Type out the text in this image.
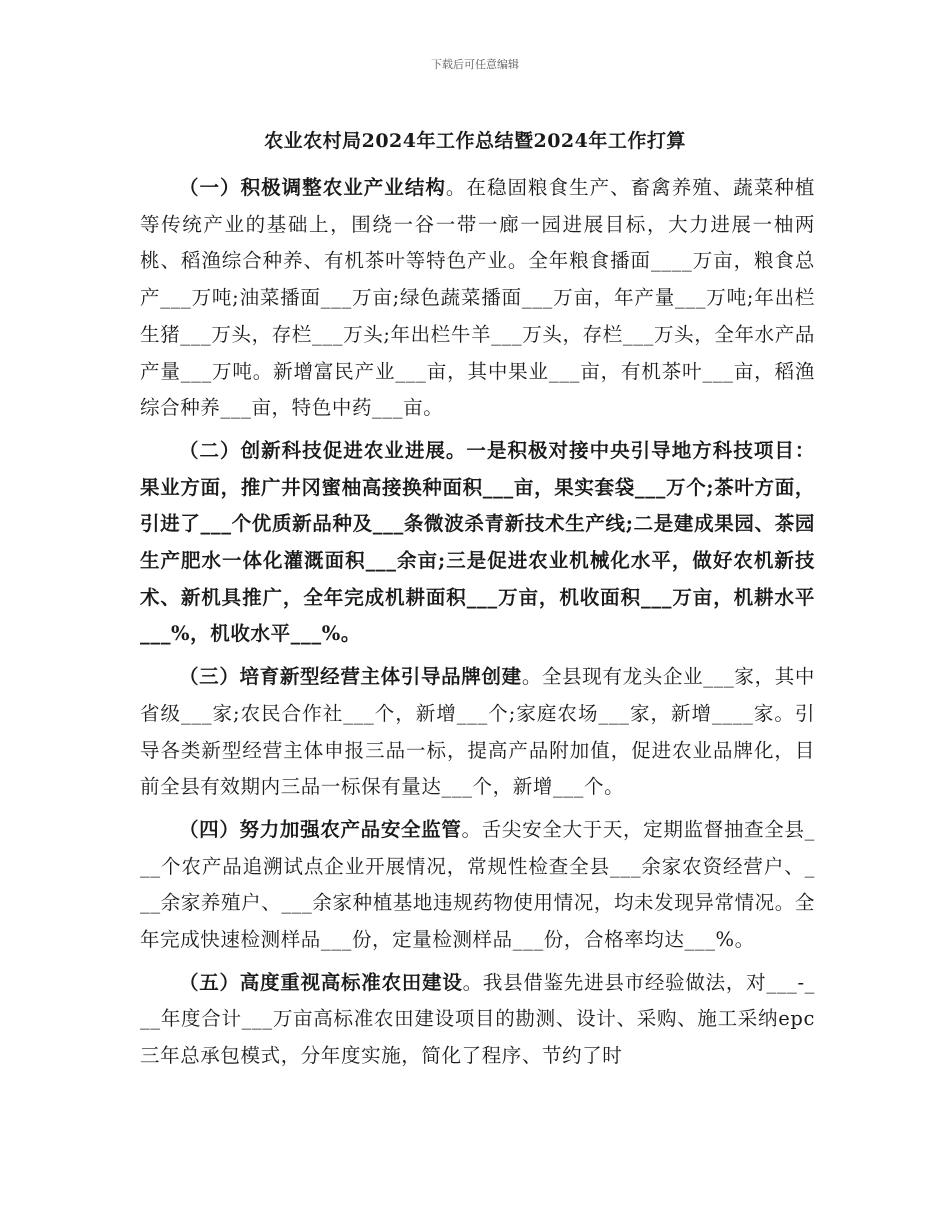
下载后可任意编辑
农业农村局2024年工作总结暨2024年工作打算

（一）积极调整农业产业结构。在稳固粮食生产、畜禽养殖、蔬菜种植等传统产业的基础上，围绕一谷一带一廊一园进展目标，大力进展一柚两桃、稻渔综合种养、有机茶叶等特色产业。全年粮食播面____万亩，粮食总产___万吨;油菜播面___万亩;绿色蔬菜播面___万亩，年产量___万吨;年出栏生猪___万头，存栏___万头;年出栏牛羊___万头，存栏___万头，全年水产品产量___万吨。新增富民产业___亩，其中果业___亩，有机茶叶___亩，稻渔综合种养___亩，特色中药___亩。

（二）创新科技促进农业进展。一是积极对接中央引导地方科技项目：果业方面，推广井冈蜜柚高接换种面积___亩，果实套袋___万个;茶叶方面，引进了___个优质新品种及___条微波杀青新技术生产线;二是建成果园、茶园生产肥水一体化灌溉面积___余亩;三是促进农业机械化水平，做好农机新技术、新机具推广，全年完成机耕面积___万亩，机收面积___万亩，机耕水平___%，机收水平___%。

（三）培育新型经营主体引导品牌创建。全县现有龙头企业___家，其中省级___家;农民合作社___个，新增___个;家庭农场___家，新增____家。引导各类新型经营主体申报三品一标，提高产品附加值，促进农业品牌化，目前全县有效期内三品一标保有量达___个，新增___个。

（四）努力加强农产品安全监管。舌尖安全大于天，定期监督抽查全县___个农产品追溯试点企业开展情况，常规性检查全县___余家农资经营户、___余家养殖户、___余家种植基地违规药物使用情况，均未发现异常情况。全年完成快速检测样品___份，定量检测样品___份，合格率均达___%。

（五）高度重视高标准农田建设。我县借鉴先进县市经验做法，对___-___年度合计___万亩高标准农田建设项目的勘测、设计、采购、施工采纳epc三年总承包模式，分年度实施，简化了程序、节约了时
